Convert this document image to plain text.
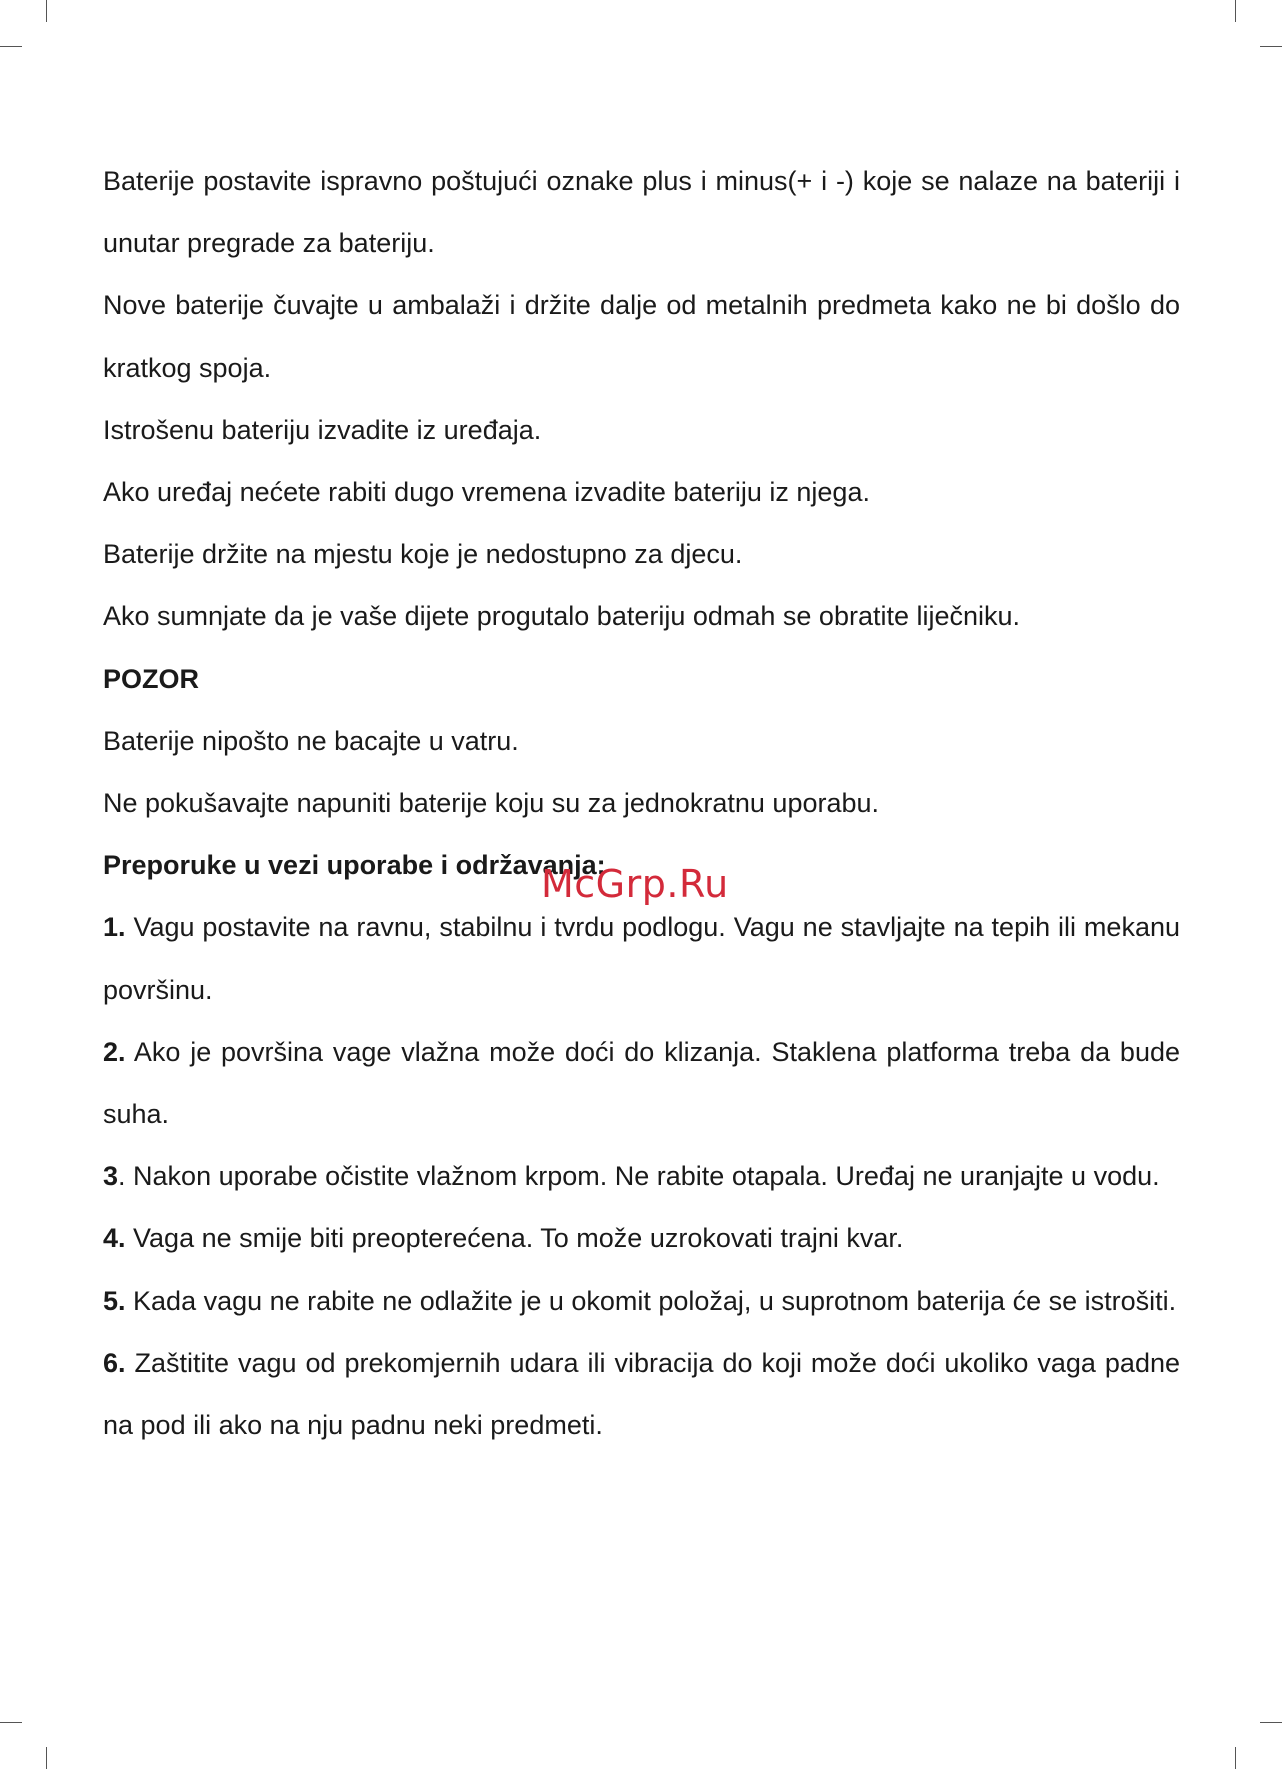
Baterije postavite ispravno poštujući oznake plus i minus(+ i -) koje se nalaze na bateriji i unutar pregrade za bateriju.

Nove baterije čuvajte u ambalaži i držite dalje od metalnih predmeta kako ne bi došlo do kratkog spoja.

Istrošenu bateriju izvadite iz uređaja.

Ako uređaj nećete rabiti dugo vremena izvadite bateriju iz njega.

Baterije držite na mjestu koje je nedostupno za djecu.

Ako sumnjate da je vaše dijete progutalo bateriju odmah se obratite liječniku.

POZOR

Baterije nipošto ne bacajte u vatru.

Ne pokušavajte napuniti baterije koju su za jednokratnu uporabu.

Preporuke u vezi uporabe i održavanja:

1. Vagu postavite na ravnu, stabilnu i tvrdu podlogu. Vagu ne stavljajte na tepih ili mekanu površinu.

2. Ako je površina vage vlažna može doći do klizanja. Staklena platforma treba da bude suha.

3. Nakon uporabe očistite vlažnom krpom. Ne rabite otapala. Uređaj ne uranjajte u vodu.

4. Vaga ne smije biti preopterećena. To može uzrokovati trajni kvar.

5. Kada vagu ne rabite ne odlažite je u okomit položaj, u suprotnom baterija će se istrošiti.

6. Zaštitite vagu od prekomjernih udara ili vibracija do koji može doći ukoliko vaga padne na pod ili ako na nju padnu neki predmeti.

McGrp.Ru
